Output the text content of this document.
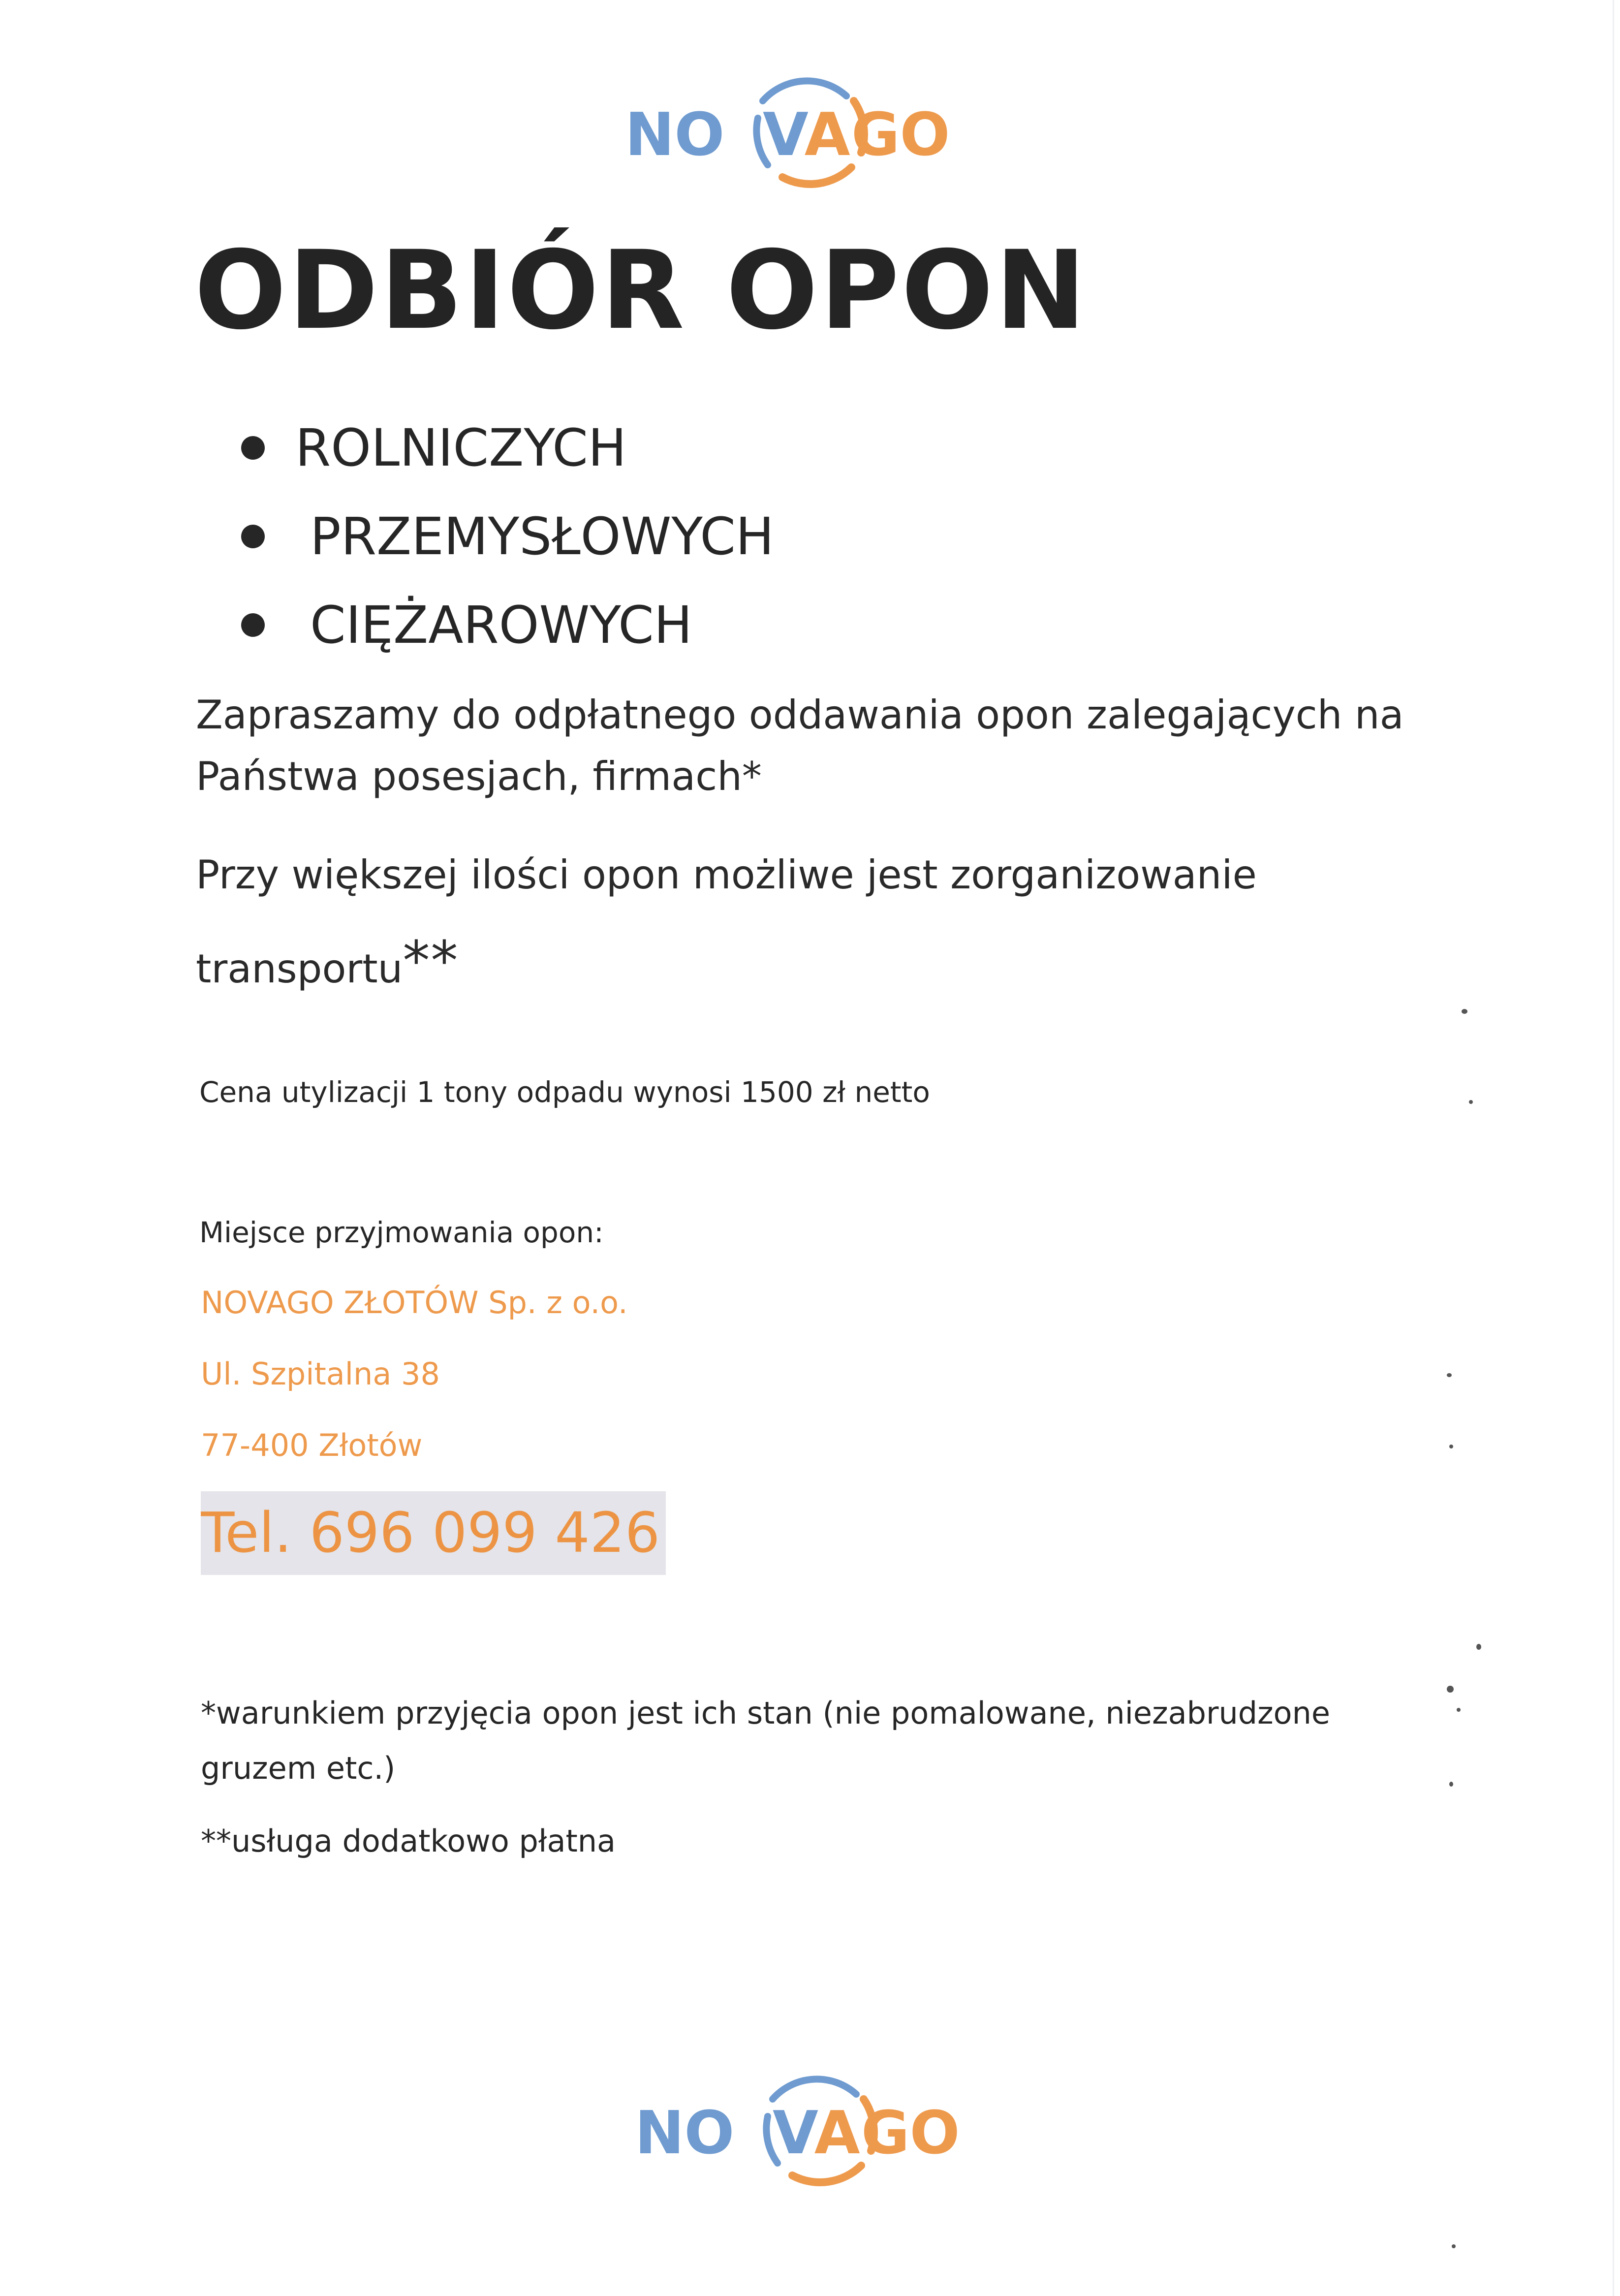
NO VA GO
ODBIÓR OPON
ROLNICZYCH
PRZEMYSŁOWYCH
CIĘŻAROWYCH

Zapraszamy do odpłatnego oddawania opon zalegających na
Państwa posesjach, firmach*

Przy większej ilości opon możliwe jest zorganizowanie
transportu**

Cena utylizacji 1 tony odpadu wynosi 1500 zł netto

Miejsce przyjmowania opon:

NOVAGO ZŁOTÓW Sp. z o.o.

Ul. Szpitalna 38

77-400 Złotów

Tel. 696 099 426

*warunkiem przyjęcia opon jest ich stan (nie pomalowane, niezabrudzone
gruzem etc.)

**usługa dodatkowo płatna

NO VA GO
